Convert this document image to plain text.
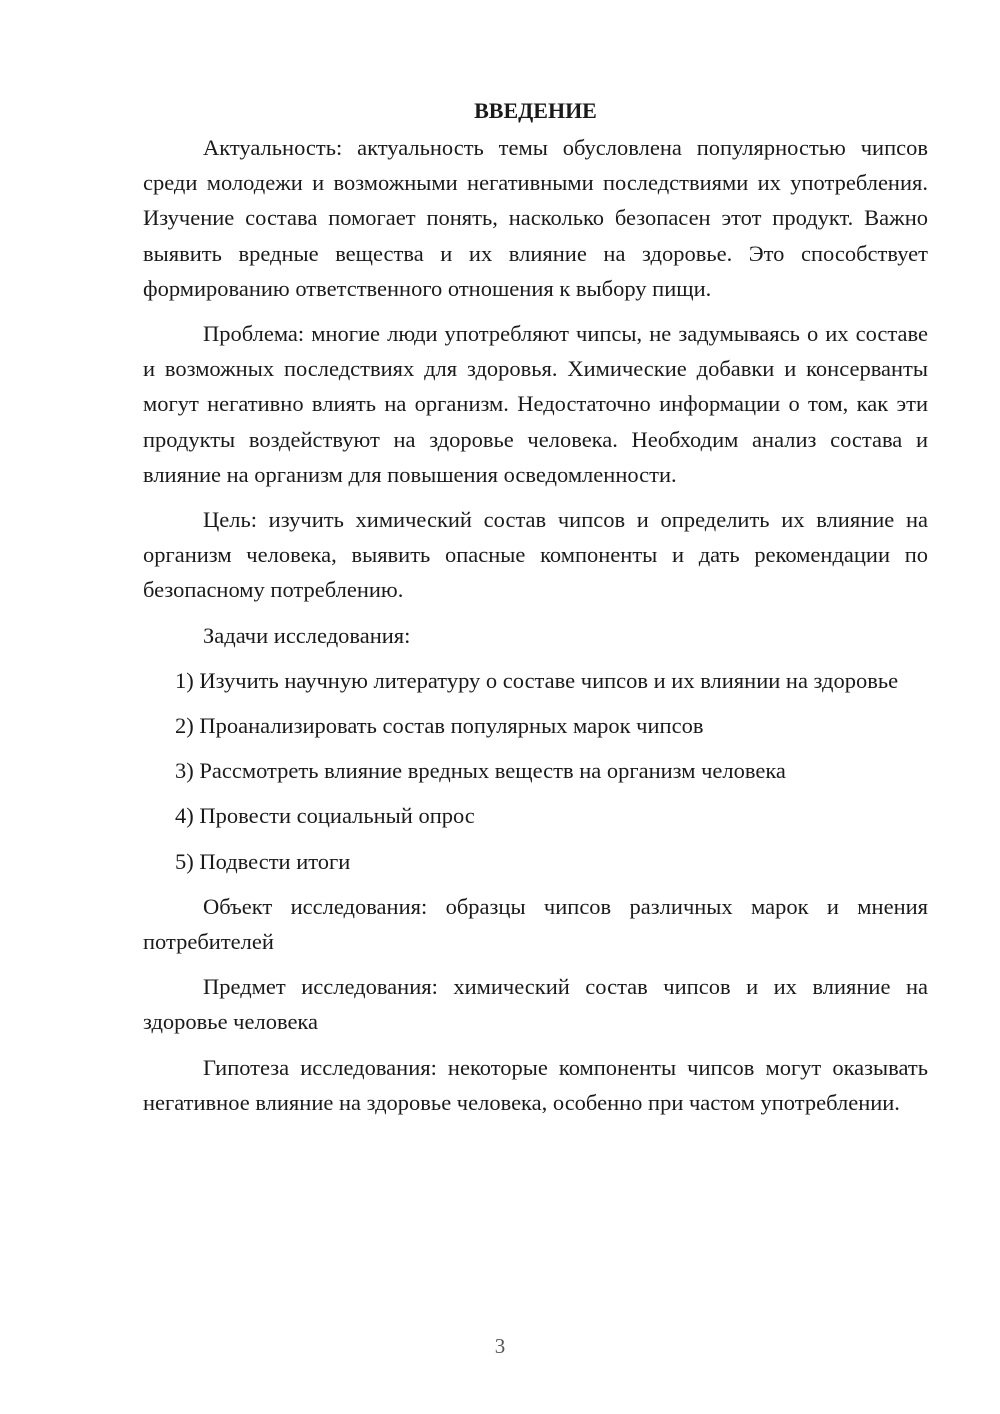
ВВЕДЕНИЕ

Актуальность: актуальность темы обусловлена популярностью чипсов среди молодежи и возможными негативными последствиями их употребления. Изучение состава помогает понять, насколько безопасен этот продукт. Важно выявить вредные вещества и их влияние на здоровье. Это способствует формированию ответственного отношения к выбору пищи.

Проблема: многие люди употребляют чипсы, не задумываясь о их составе и возможных последствиях для здоровья. Химические добавки и консерванты могут негативно влиять на организм. Недостаточно информации о том, как эти продукты воздействуют на здоровье человека. Необходим анализ состава и влияние на организм для повышения осведомленности.

Цель: изучить химический состав чипсов и определить их влияние на организм человека, выявить опасные компоненты и дать рекомендации по безопасному потреблению.

Задачи исследования:

1) Изучить научную литературу о составе чипсов и их влиянии на здоровье

2) Проанализировать состав популярных марок чипсов

3) Рассмотреть влияние вредных веществ на организм человека

4) Провести социальный опрос

5) Подвести итоги

Объект исследования: образцы чипсов различных марок и мнения потребителей

Предмет исследования: химический состав чипсов и их влияние на здоровье человека

Гипотеза исследования: некоторые компоненты чипсов могут оказывать негативное влияние на здоровье человека, особенно при частом употреблении.

3
